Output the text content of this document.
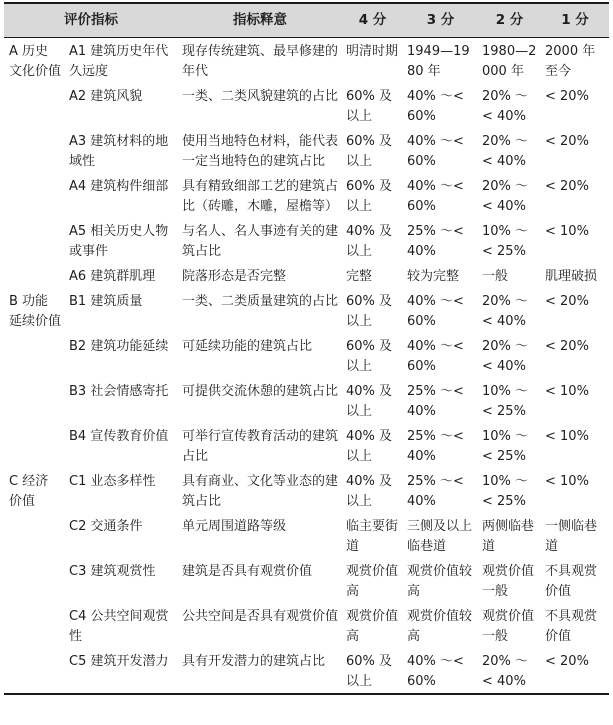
评价指标		指标释意	4 分	3 分	2 分	1 分
A 历史文化价值	A1 建筑历史年代久远度	现存传统建筑、最早修建的年代	明清时期	1949—1980 年	1980—2000 年	2000 年至今
	A2 建筑风貌	一类、二类风貌建筑的占比	60% 及以上	40% ～< 60%	20% ～< 40%	< 20%
	A3 建筑材料的地域性	使用当地特色材料，能代表一定当地特色的建筑占比	60% 及以上	40% ～< 60%	20% ～< 40%	< 20%
	A4 建筑构件细部	具有精致细部工艺的建筑占比（砖雕，木雕，屋檐等）	60% 及以上	40% ～< 60%	20% ～< 40%	< 20%
	A5 相关历史人物或事件	与名人、名人事迹有关的建筑占比	40% 及以上	25% ～< 40%	10% ～< 25%	< 10%
	A6 建筑群肌理	院落形态是否完整	完整	较为完整	一般	肌理破损
B 功能延续价值	B1 建筑质量	一类、二类质量建筑的占比	60% 及以上	40% ～< 60%	20% ～< 40%	< 20%
	B2 建筑功能延续	可延续功能的建筑占比	60% 及以上	40% ～< 60%	20% ～< 40%	< 20%
	B3 社会情感寄托	可提供交流休憩的建筑占比	40% 及以上	25% ～< 40%	10% ～< 25%	< 10%
	B4 宣传教育价值	可举行宣传教育活动的建筑占比	40% 及以上	25% ～< 40%	10% ～< 25%	< 10%
C 经济价值	C1 业态多样性	具有商业、文化等业态的建筑占比	40% 及以上	25% ～< 40%	10% ～< 25%	< 10%
	C2 交通条件	单元周围道路等级	临主要街道	三侧及以上临巷道	两侧临巷道	一侧临巷道
	C3 建筑观赏性	建筑是否具有观赏价值	观赏价值高	观赏价值较高	观赏价值一般	不具观赏价值
	C4 公共空间观赏性	公共空间是否具有观赏价值	观赏价值高	观赏价值较高	观赏价值一般	不具观赏价值
	C5 建筑开发潜力	具有开发潜力的建筑占比	60% 及以上	40% ～< 60%	20% ～< 40%	< 20%
